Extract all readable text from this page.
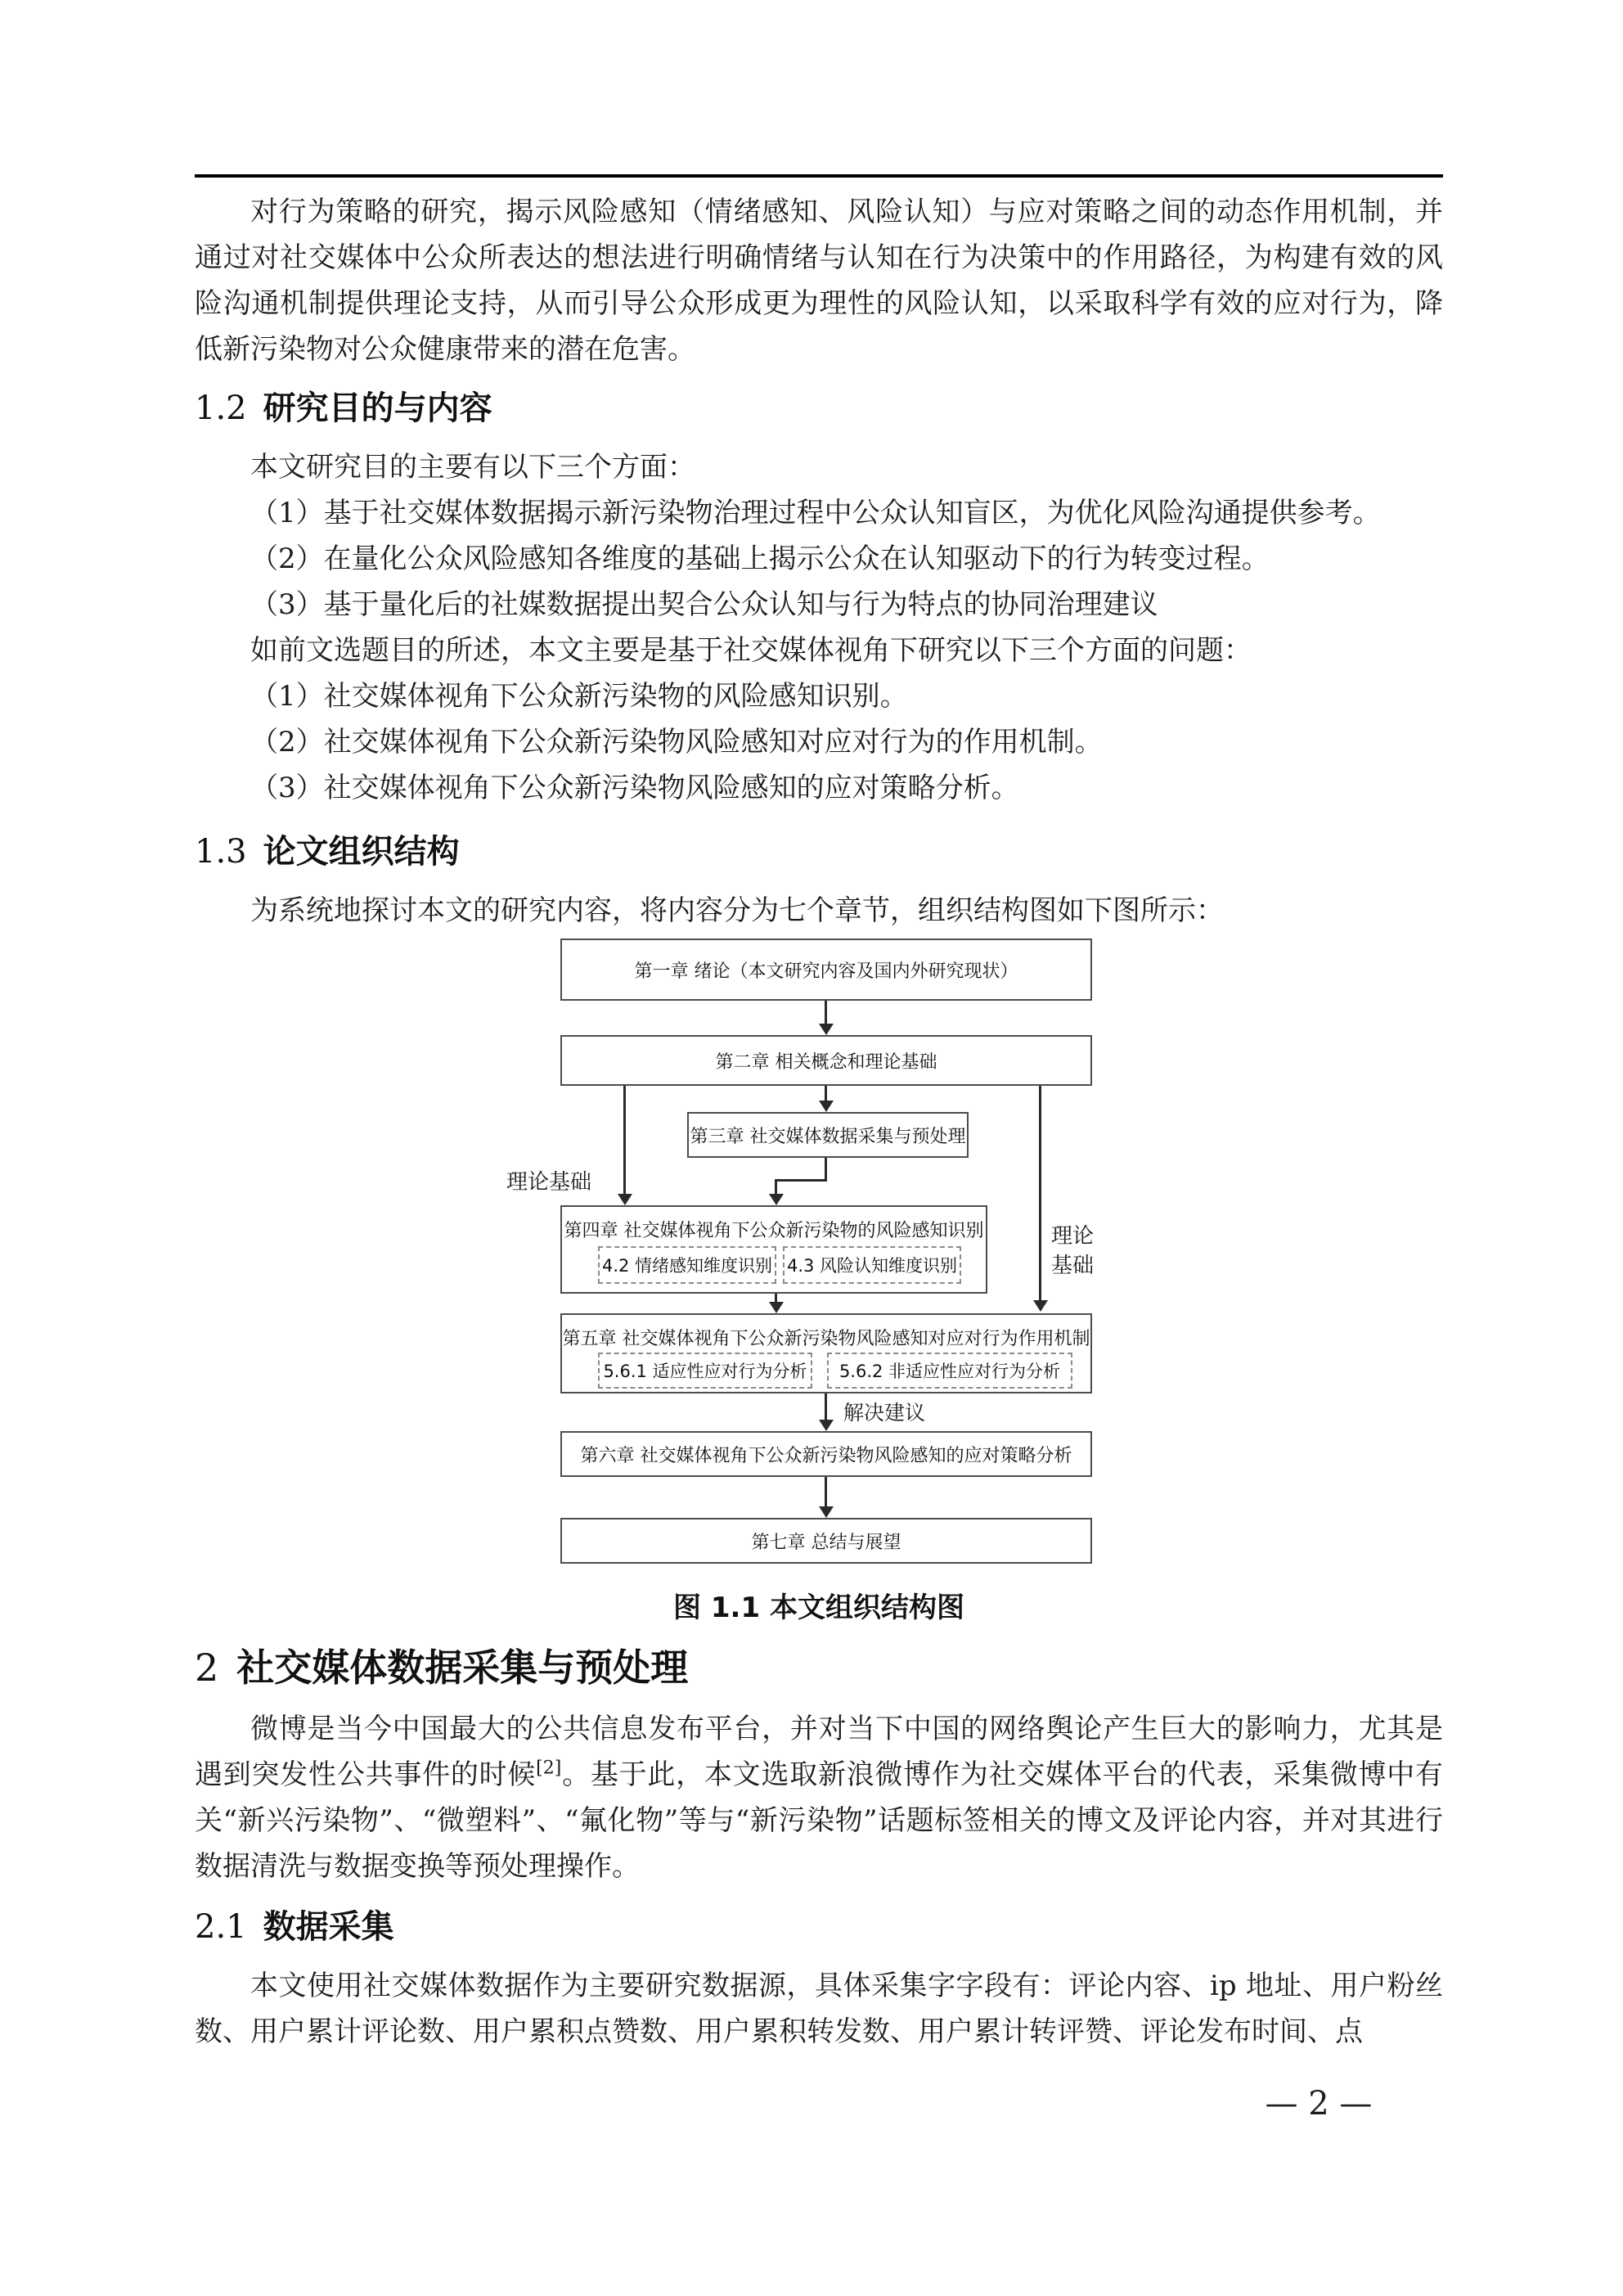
对行为策略的研究，揭示风险感知（情绪感知、风险认知）与应对策略之间的动态作用机制，并通过对社交媒体中公众所表达的想法进行明确情绪与认知在行为决策中的作用路径，为构建有效的风险沟通机制提供理论支持，从而引导公众形成更为理性的风险认知，以采取科学有效的应对行为，降低新污染物对公众健康带来的潜在危害。

1.2 研究目的与内容
本文研究目的主要有以下三个方面：
（1）基于社交媒体数据揭示新污染物治理过程中公众认知盲区，为优化风险沟通提供参考。
（2）在量化公众风险感知各维度的基础上揭示公众在认知驱动下的行为转变过程。
（3）基于量化后的社媒数据提出契合公众认知与行为特点的协同治理建议
如前文选题目的所述，本文主要是基于社交媒体视角下研究以下三个方面的问题：
（1）社交媒体视角下公众新污染物的风险感知识别。
（2）社交媒体视角下公众新污染物风险感知对应对行为的作用机制。
（3）社交媒体视角下公众新污染物风险感知的应对策略分析。
1.3 论文组织结构
为系统地探讨本文的研究内容，将内容分为七个章节，组织结构图如下图所示：
第一章 绪论（本文研究内容及国内外研究现状）
第二章 相关概念和理论基础
第三章 社交媒体数据采集与预处理
理论基础
第四章 社交媒体视角下公众新污染物的风险感知识别
4.2 情绪感知维度识别 4.3 风险认知维度识别
理论
基础
第五章 社交媒体视角下公众新污染物风险感知对应对行为作用机制
5.6.1 适应性应对行为分析	5.6.2 非适应性应对行为分析
解决建议
第六章 社交媒体视角下公众新污染物风险感知的应对策略分析
第七章 总结与展望
图 1.1 本文组织结构图
2 社交媒体数据采集与预处理

微博是当今中国最大的公共信息发布平台，并对当下中国的网络舆论产生巨大的影响力，尤其是遇到突发性公共事件的时候[2]。基于此，本文选取新浪微博作为社交媒体平台的代表，采集微博中有关“新兴污染物”、“微塑料”、“氟化物”等与“新污染物”话题标签相关的博文及评论内容，并对其进行数据清洗与数据变换等预处理操作。

2.1 数据采集

本文使用社交媒体数据作为主要研究数据源，具体采集字字段有：评论内容、ip 地址、用户粉丝数、用户累计评论数、用户累积点赞数、用户累积转发数、用户累计转评赞、评论发布时间、点

— 2 —
